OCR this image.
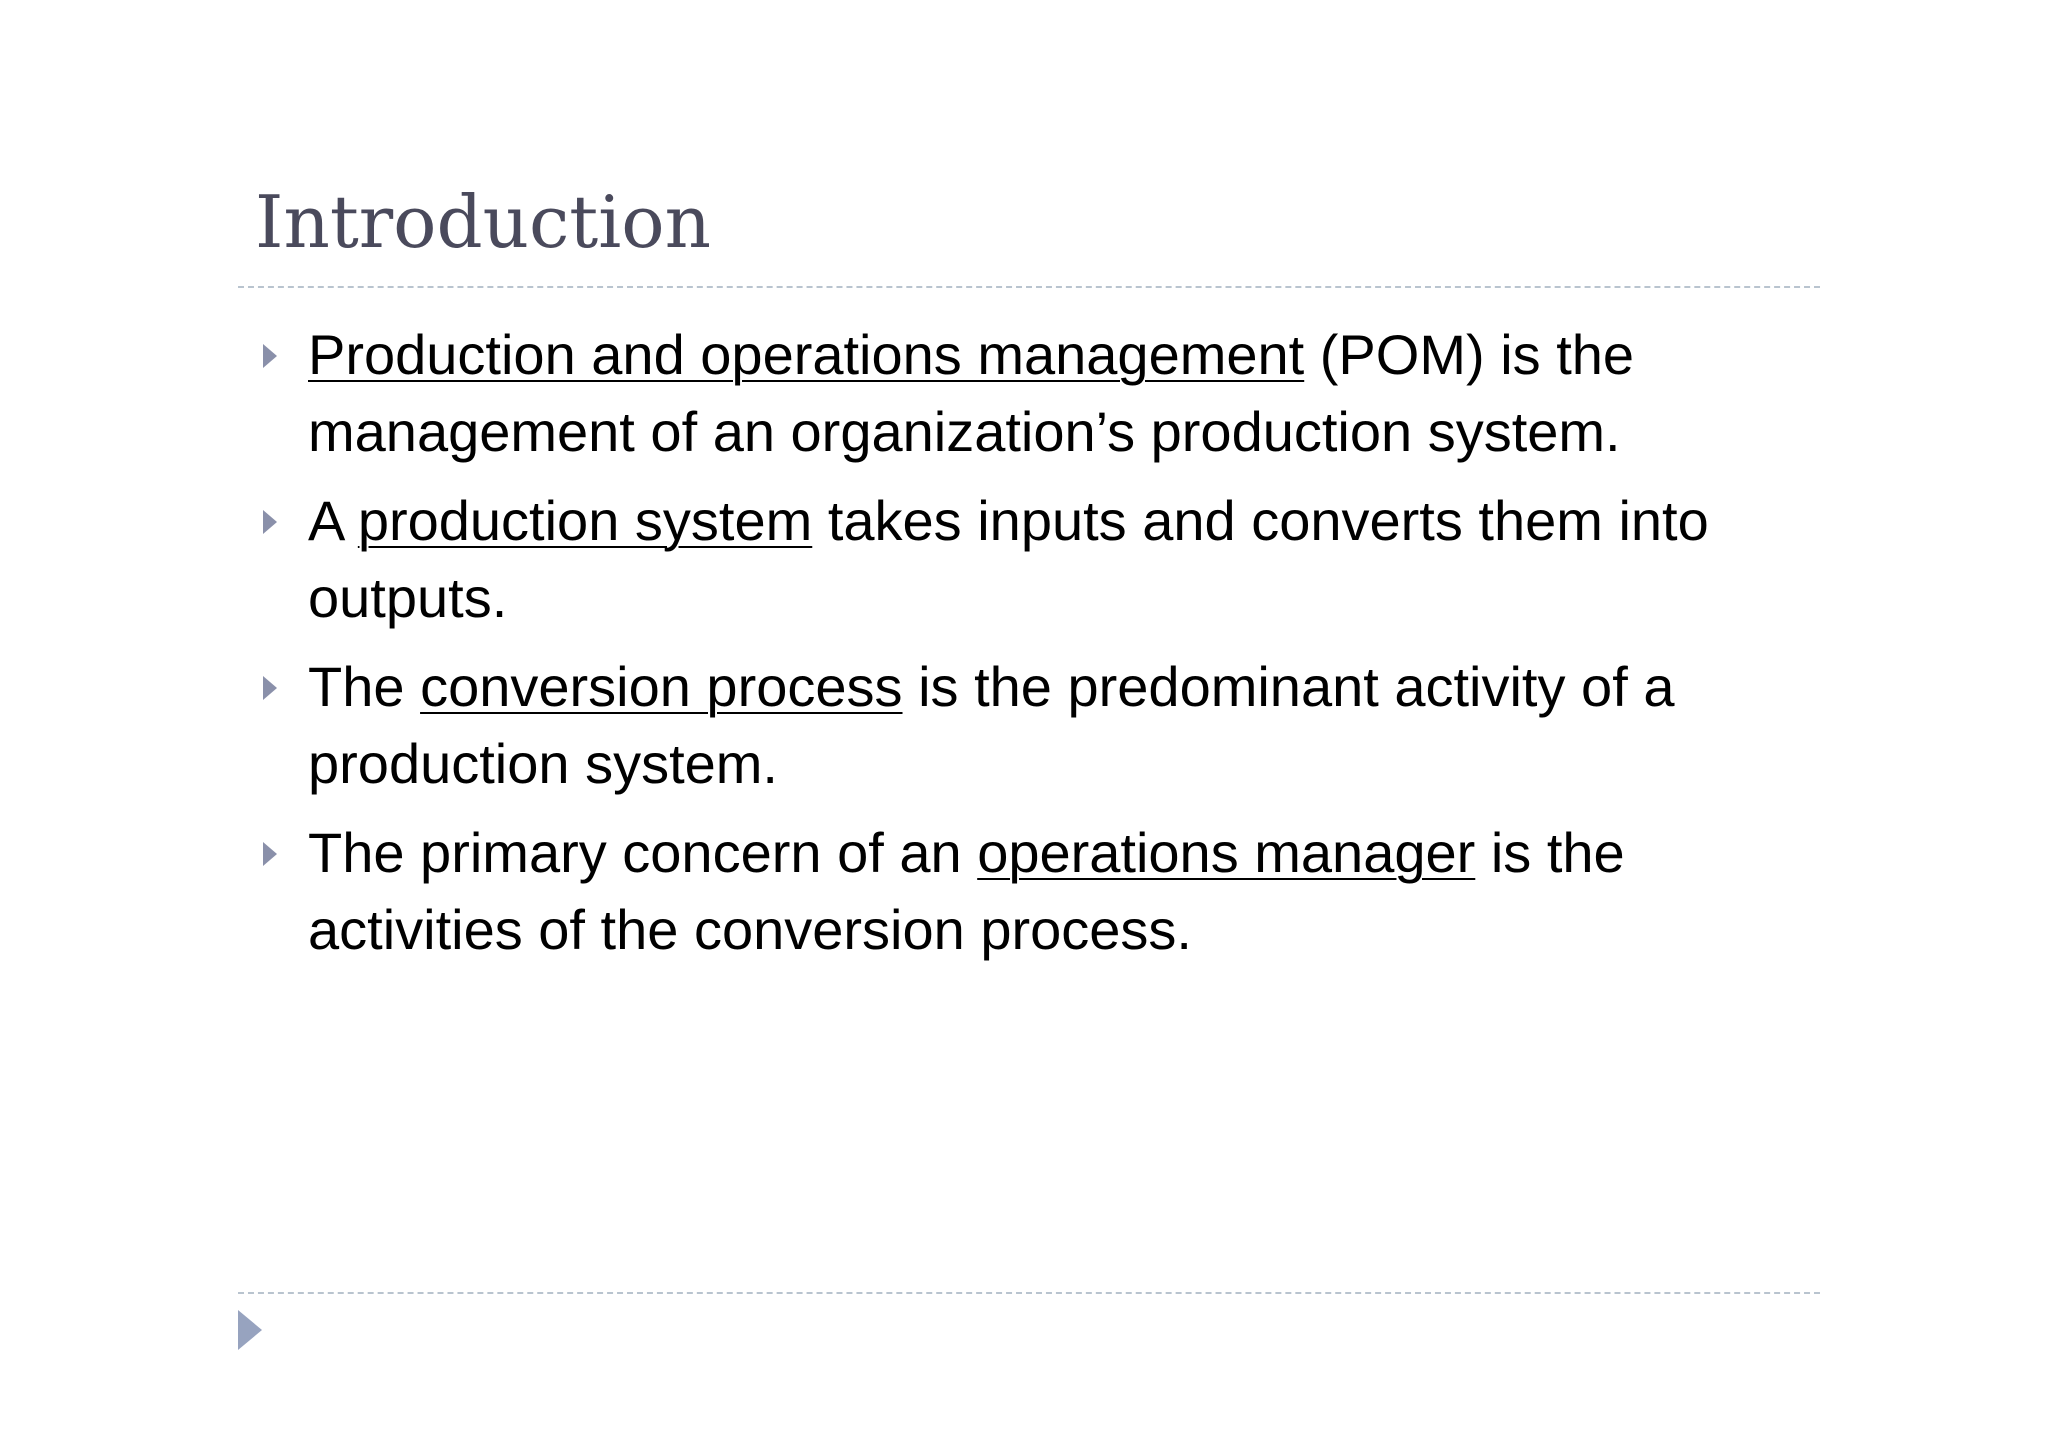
Introduction
Production and operations management (POM) is the management of an organization’s production system.
A production system takes inputs and converts them into outputs.
The conversion process is the predominant activity of a production system.
The primary concern of an operations manager is the activities of the conversion process.
